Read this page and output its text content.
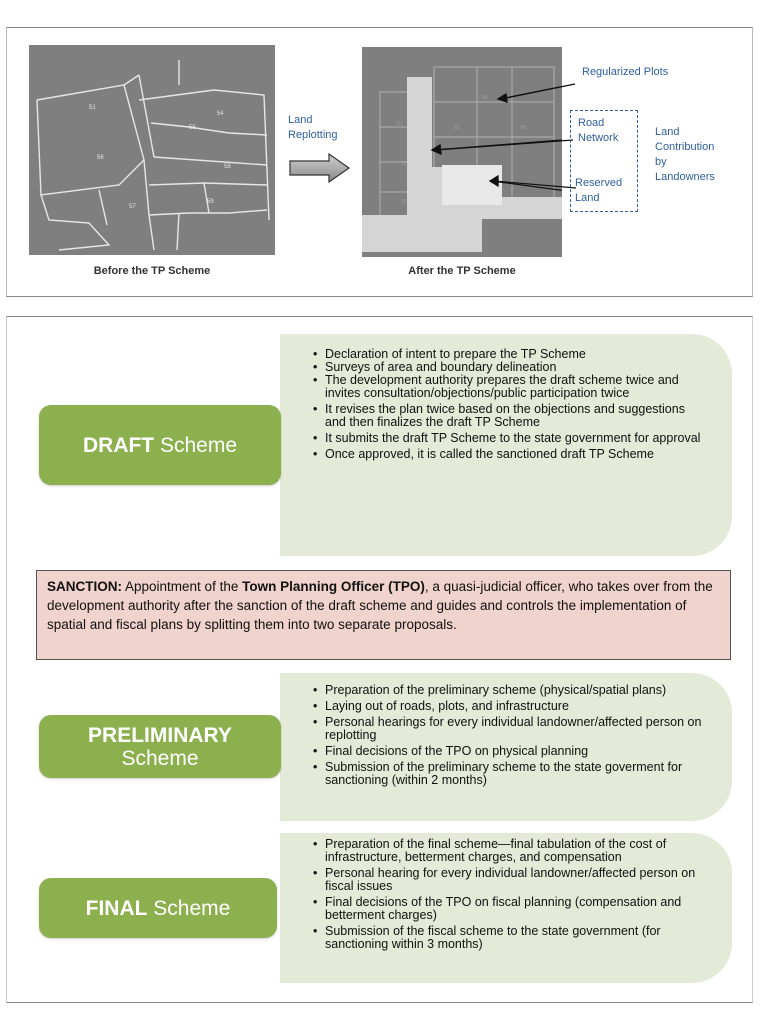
51
54
55
56
58
57
59
Before the TP Scheme
Land
Replotting
54
51
56
57
55	58
Regularized Plots
Road
Network
Reserved
Land
Land
Contribution
by
Landowners
After the TP Scheme
DRAFT Scheme
• Declaration of intent to prepare the TP Scheme
• Surveys of area and boundary delineation
• The development authority prepares the draft scheme twice and invites consultation/objections/public participation twice
• It revises the plan twice based on the objections and suggestions and then finalizes the draft TP Scheme
• It submits the draft TP Scheme to the state government for approval
• Once approved, it is called the sanctioned draft TP Scheme
SANCTION: Appointment of the Town Planning Officer (TPO), a quasi-judicial officer, who takes over from the development authority after the sanction of the draft scheme and guides and controls the implementation of spatial and fiscal plans by splitting them into two separate proposals.
PRELIMINARY
Scheme
• Preparation of the preliminary scheme (physical/spatial plans)
• Laying out of roads, plots, and infrastructure
• Personal hearings for every individual landowner/affected person on replotting
• Final decisions of the TPO on physical planning
• Submission of the preliminary scheme to the state goverment for sanctioning (within 2 months)
FINAL Scheme
• Preparation of the final scheme—final tabulation of the cost of infrastructure, betterment charges, and compensation
• Personal hearing for every individual landowner/affected person on fiscal issues
• Final decisions of the TPO on fiscal planning (compensation and betterment charges)
• Submission of the fiscal scheme to the state government (for sanctioning within 3 months)
